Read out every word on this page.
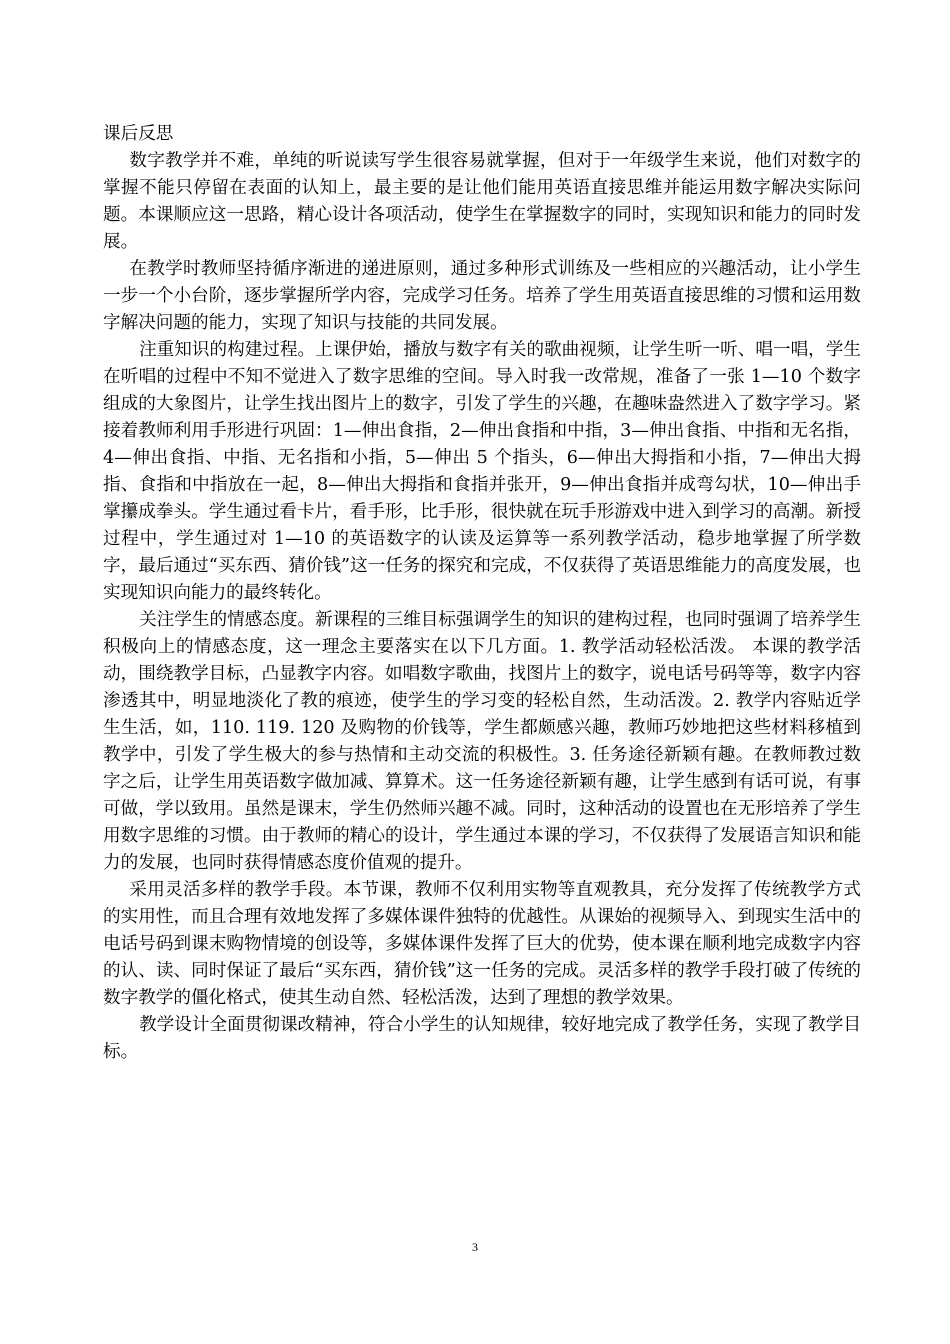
课后反思

数字教学并不难，单纯的听说读写学生很容易就掌握，但对于一年级学生来说，他们对数字的掌握不能只停留在表面的认知上，最主要的是让他们能用英语直接思维并能运用数字解决实际问题。本课顺应这一思路，精心设计各项活动，使学生在掌握数字的同时，实现知识和能力的同时发展。

在教学时教师坚持循序渐进的递进原则，通过多种形式训练及一些相应的兴趣活动，让小学生一步一个小台阶，逐步掌握所学内容，完成学习任务。培养了学生用英语直接思维的习惯和运用数字解决问题的能力，实现了知识与技能的共同发展。

注重知识的构建过程。上课伊始，播放与数字有关的歌曲视频，让学生听一听、唱一唱，学生在听唱的过程中不知不觉进入了数字思维的空间。导入时我一改常规，准备了一张 1—10 个数字组成的大象图片，让学生找出图片上的数字，引发了学生的兴趣，在趣味盎然进入了数字学习。紧接着教师利用手形进行巩固：1—伸出食指，2—伸出食指和中指，3—伸出食指、中指和无名指，4—伸出食指、中指、无名指和小指，5—伸出 5 个指头，6—伸出大拇指和小指，7—伸出大拇指、食指和中指放在一起，8—伸出大拇指和食指并张开，9—伸出食指并成弯勾状，10—伸出手掌攥成拳头。学生通过看卡片，看手形，比手形，很快就在玩手形游戏中进入到学习的高潮。新授过程中，学生通过对 1—10 的英语数字的认读及运算等一系列教学活动，稳步地掌握了所学数字，最后通过“买东西、猜价钱”这一任务的探究和完成，不仅获得了英语思维能力的高度发展，也实现知识向能力的最终转化。

关注学生的情感态度。新课程的三维目标强调学生的知识的建构过程，也同时强调了培养学生积极向上的情感态度，这一理念主要落实在以下几方面。1. 教学活动轻松活泼。 本课的教学活动，围绕教学目标，凸显教字内容。如唱数字歌曲，找图片上的数字，说电话号码等等，数字内容渗透其中，明显地淡化了教的痕迹，使学生的学习变的轻松自然，生动活泼。2. 教学内容贴近学生生活，如，110. 119. 120 及购物的价钱等，学生都颇感兴趣，教师巧妙地把这些材料移植到教学中，引发了学生极大的参与热情和主动交流的积极性。3. 任务途径新颖有趣。在教师教过数字之后，让学生用英语数字做加减、算算术。这一任务途径新颖有趣，让学生感到有话可说，有事可做，学以致用。虽然是课末，学生仍然师兴趣不减。同时，这种活动的设置也在无形培养了学生用数字思维的习惯。由于教师的精心的设计，学生通过本课的学习，不仅获得了发展语言知识和能力的发展，也同时获得情感态度价值观的提升。

采用灵活多样的教学手段。本节课，教师不仅利用实物等直观教具，充分发挥了传统教学方式的实用性，而且合理有效地发挥了多媒体课件独特的优越性。从课始的视频导入、到现实生活中的电话号码到课末购物情境的创设等，多媒体课件发挥了巨大的优势，使本课在顺利地完成数字内容的认、读、同时保证了最后“买东西，猜价钱”这一任务的完成。灵活多样的教学手段打破了传统的数字教学的僵化格式，使其生动自然、轻松活泼，达到了理想的教学效果。

教学设计全面贯彻课改精神，符合小学生的认知规律，较好地完成了教学任务，实现了教学目标。

3
